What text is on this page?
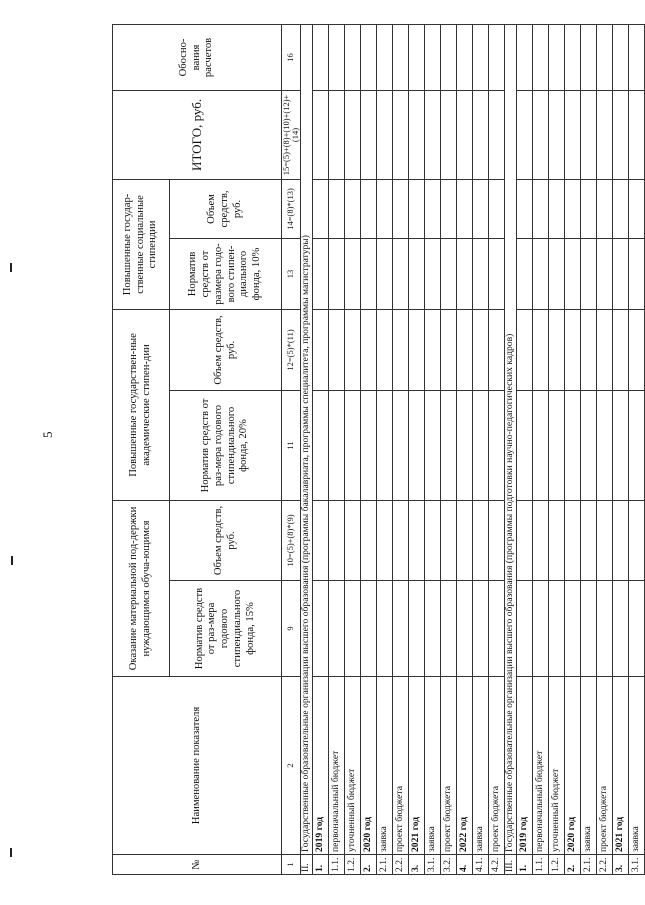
5
№	Наименование показателя	Оказание материальной под-держки нуждающимся обуча-ющимся		Повышенные государствен-ные академические стипен-дии		Повышенные государ-ственные социальные стипендии		ИТОГО, руб.	Обосно-вания расчетов
		Норматив средств от раз-мера годового стипендиального фонда, 15%	Объем средств, руб.	Норматив средств от раз-мера годового стипендиального фонда, 20%	Объем средств, руб.	Норматив средств от размера годо-вого стипен-диального фонда, 10%	Объем средств, руб.		
1	2	9	10=(5)+(8)*(9)	11	12=(5)*(11)	13	14=(8)*(13)	15=(5)+(8)+(10)+(12)+(14)	16
II.	Государственные образовательные организации высшего образования (программы бакалавриата, программы специалитета, программы магистратуры)								
1.	2019 год								
1.1.	первоначальный бюджет								
1.2.	уточненный бюджет								
2.	2020 год								
2.1.	заявка								
2.2.	проект бюджета								
3.	2021 год								
3.1.	заявка								
3.2.	проект бюджета								
4.	2022 год								
4.1.	заявка								
4.2.	проект бюджета								
III.	Государственные образовательные организации высшего образования (программы подготовки научно-педагогических кадров)								
1.	2019 год								
1.1.	первоначальный бюджет								
1.2.	уточненный бюджет								
2.	2020 год								
2.1.	заявка								
2.2.	проект бюджета								
3.	2021 год								
3.1.	заявка								
